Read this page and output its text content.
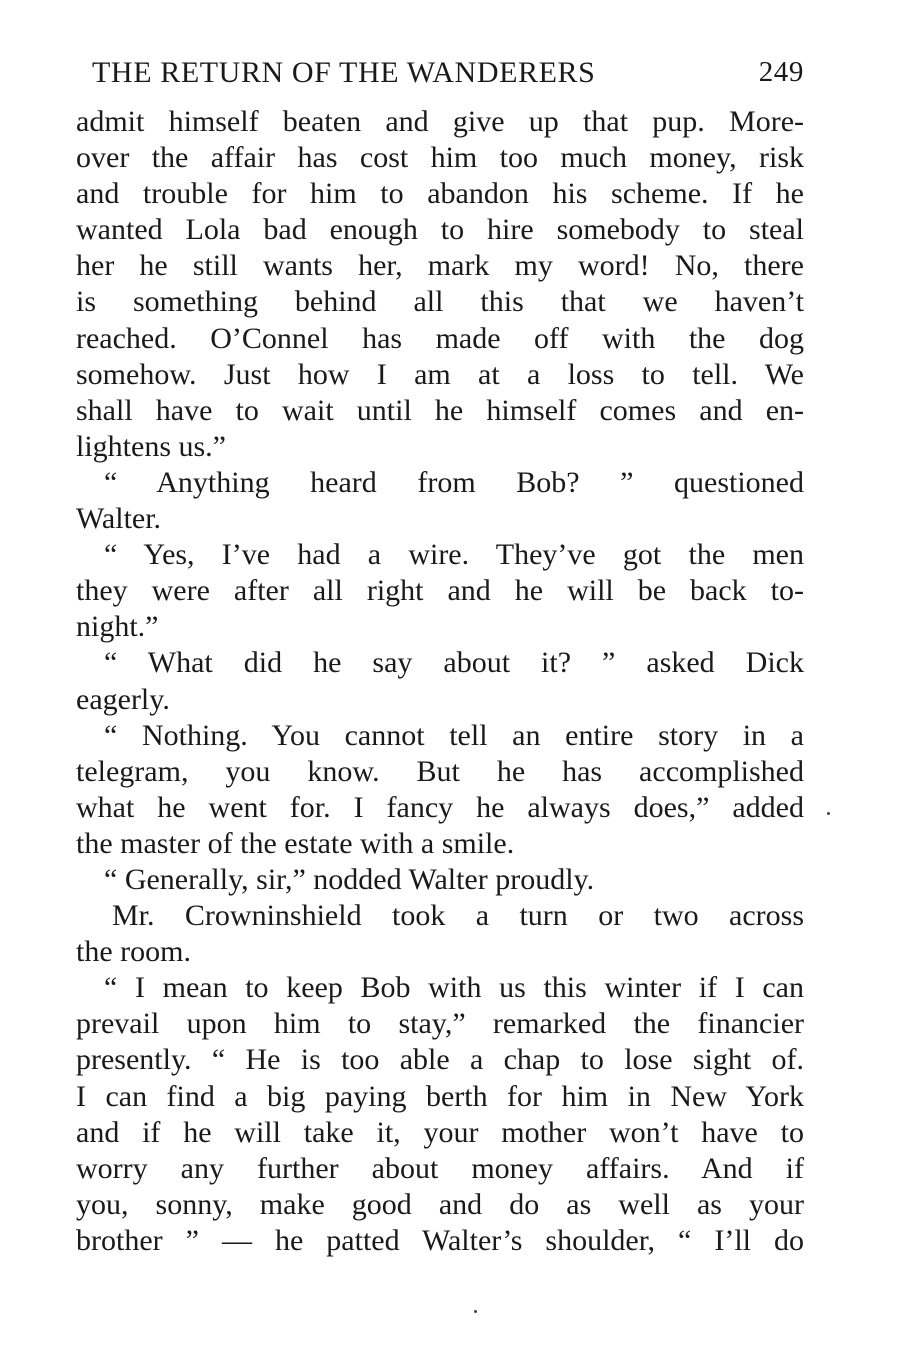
THE RETURN OF THE WANDERERS	249
admit himself beaten and give up that pup. More-
over the affair has cost him too much money, risk
and trouble for him to abandon his scheme. If he
wanted Lola bad enough to hire somebody to steal
her he still wants her, mark my word! No, there
is something behind all this that we haven’t
reached. O’Connel has made off with the dog
somehow. Just how I am at a loss to tell. We
shall have to wait until he himself comes and en-
lightens us.”
“ Anything heard from Bob? ” questioned
Walter.
“ Yes, I’ve had a wire. They’ve got the men
they were after all right and he will be back to-
night.”
“ What did he say about it? ” asked Dick
eagerly.
“ Nothing. You cannot tell an entire story in a
telegram, you know. But he has accomplished
what he went for. I fancy he always does,” added
the master of the estate with a smile.
“ Generally, sir,” nodded Walter proudly.
Mr. Crowninshield took a turn or two across
the room.
“ I mean to keep Bob with us this winter if I can
prevail upon him to stay,” remarked the financier
presently. “ He is too able a chap to lose sight of.
I can find a big paying berth for him in New York
and if he will take it, your mother won’t have to
worry any further about money affairs. And if
you, sonny, make good and do as well as your
brother ” — he patted Walter’s shoulder, “ I’ll do
